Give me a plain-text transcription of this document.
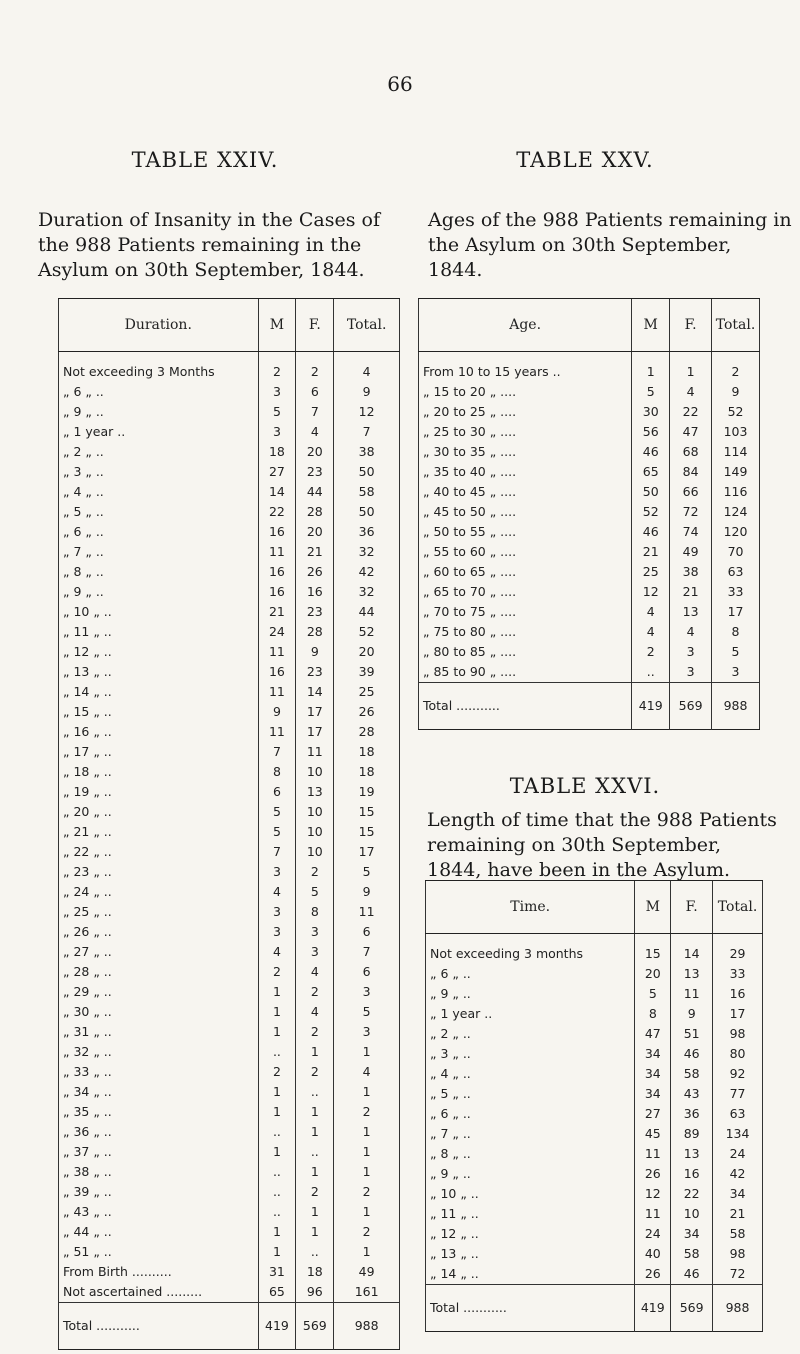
66
TABLE XXIV.	TABLE XXV.
Duration of Insanity in the Cases of
the 988 Patients remaining in the
Asylum on 30th September, 1844.
Ages of the 988 Patients remaining in
the Asylum on 30th September,
1844.
Duration.	M	F.	Total.

Not exceeding 3 Months	2	2	4
„ 6 „ ..	3	6	9
„ 9 „ ..	5	7	12
„ 1 year ..	3	4	7
„ 2 „ ..	18	20	38
„ 3 „ ..	27	23	50
„ 4 „ ..	14	44	58
„ 5 „ ..	22	28	50
„ 6 „ ..	16	20	36
„ 7 „ ..	11	21	32
„ 8 „ ..	16	26	42
„ 9 „ ..	16	16	32
„ 10 „ ..	21	23	44
„ 11 „ ..	24	28	52
„ 12 „ ..	11	9	20
„ 13 „ ..	16	23	39
„ 14 „ ..	11	14	25
„ 15 „ ..	9	17	26
„ 16 „ ..	11	17	28
„ 17 „ ..	7	11	18
„ 18 „ ..	8	10	18
„ 19 „ ..	6	13	19
„ 20 „ ..	5	10	15
„ 21 „ ..	5	10	15
„ 22 „ ..	7	10	17
„ 23 „ ..	3	2	5
„ 24 „ ..	4	5	9
„ 25 „ ..	3	8	11
„ 26 „ ..	3	3	6
„ 27 „ ..	4	3	7
„ 28 „ ..	2	4	6
„ 29 „ ..	1	2	3
„ 30 „ ..	1	4	5
„ 31 „ ..	1	2	3
„ 32 „ ..	..	1	1
„ 33 „ ..	2	2	4
„ 34 „ ..	1	..	1
„ 35 „ ..	1	1	2
„ 36 „ ..	..	1	1
„ 37 „ ..	1	..	1
„ 38 „ ..	..	1	1
„ 39 „ ..	..	2	2
„ 43 „ ..	..	1	1
„ 44 „ ..	1	1	2
„ 51 „ ..	1	..	1
From Birth ..........	31	18	49
Not ascertained .........	65	96	161
Total ...........	419	569	988
Age.	M	F.	Total.

From 10 to 15 years ..	1	1	2
„ 15 to 20 „ ....	5	4	9
„ 20 to 25 „ ....	30	22	52
„ 25 to 30 „ ....	56	47	103
„ 30 to 35 „ ....	46	68	114
„ 35 to 40 „ ....	65	84	149
„ 40 to 45 „ ....	50	66	116
„ 45 to 50 „ ....	52	72	124
„ 50 to 55 „ ....	46	74	120
„ 55 to 60 „ ....	21	49	70
„ 60 to 65 „ ....	25	38	63
„ 65 to 70 „ ....	12	21	33
„ 70 to 75 „ ....	4	13	17
„ 75 to 80 „ ....	4	4	8
„ 80 to 85 „ ....	2	3	5
„ 85 to 90 „ ....	..	3	3
Total ...........	419	569	988
TABLE XXVI.
Length of time that the 988 Patients
remaining on 30th September,
1844, have been in the Asylum.
Time.	M	F.	Total.

Not exceeding 3 months	15	14	29
„ 6 „ ..	20	13	33
„ 9 „ ..	5	11	16
„ 1 year ..	8	9	17
„ 2 „ ..	47	51	98
„ 3 „ ..	34	46	80
„ 4 „ ..	34	58	92
„ 5 „ ..	34	43	77
„ 6 „ ..	27	36	63
„ 7 „ ..	45	89	134
„ 8 „ ..	11	13	24
„ 9 „ ..	26	16	42
„ 10 „ ..	12	22	34
„ 11 „ ..	11	10	21
„ 12 „ ..	24	34	58
„ 13 „ ..	40	58	98
„ 14 „ ..	26	46	72
Total ...........	419	569	988
